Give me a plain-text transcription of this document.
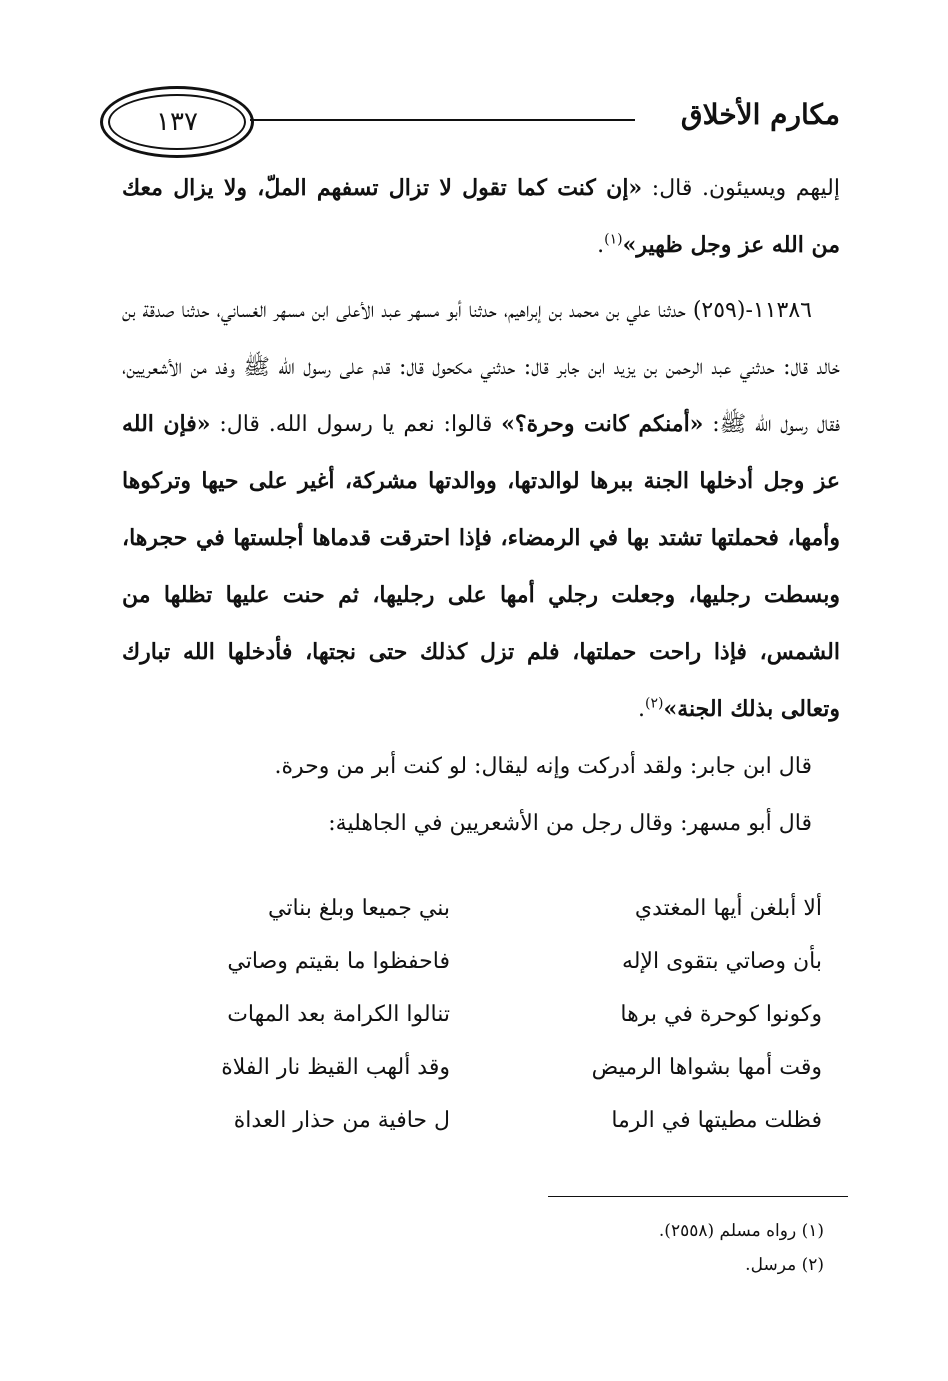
١٣٧	مكارم الأخلاق

إليهم ويسيئون. قال: «إن كنت كما تقول لا تزال تسفهم الملّ، ولا يزال معك من الله عز وجل ظهير»$^{(١)}$.

١١٣٨٦-(٢٥٩) حدثنا علي بن محمد بن إبراهيم، حدثنا أبو مسهر عبد الأعلى ابن مسهر الغساني، حدثنا صدقة بن خالد قال: حدثني عبد الرحمن بن يزيد ابن جابر قال: حدثني مكحول قال: قدم على رسول الله ﷺ وفد من الأشعريين، فقال رسول الله ﷺ: «أمنكم كانت وحرة؟» قالوا: نعم يا رسول الله. قال: «فإن الله عز وجل أدخلها الجنة ببرها لوالدتها، ووالدتها مشركة، أغير على حيها وتركوها وأمها، فحملتها تشتد بها في الرمضاء، فإذا احترقت قدماها أجلستها في حجرها، وبسطت رجليها، وجعلت رجلي أمها على رجليها، ثم حنت عليها تظلها من الشمس، فإذا راحت حملتها، فلم تزل كذلك حتى نجتها، فأدخلها الله تبارك وتعالى بذلك الجنة»$^{(٢)}$.

قال ابن جابر: ولقد أدركت وإنه ليقال: لو كنت أبر من وحرة.

قال أبو مسهر: وقال رجل من الأشعريين في الجاهلية:

ألا أبلغن أيها المغتدي
بني جميعا وبلغ بناتي
بأن وصاتي بتقوى الإله
فاحفظوا ما بقيتم وصاتي
وكونوا كوحرة في برها
تنالوا الكرامة بعد المهات
وقت أمها بشواها الرميض
وقد ألهب القيظ نار الفلاة
فظلت مطيتها في الرما
ل حافية من حذار العداة

(١) رواه مسلم (٢٥٥٨).

(٢) مرسل.
